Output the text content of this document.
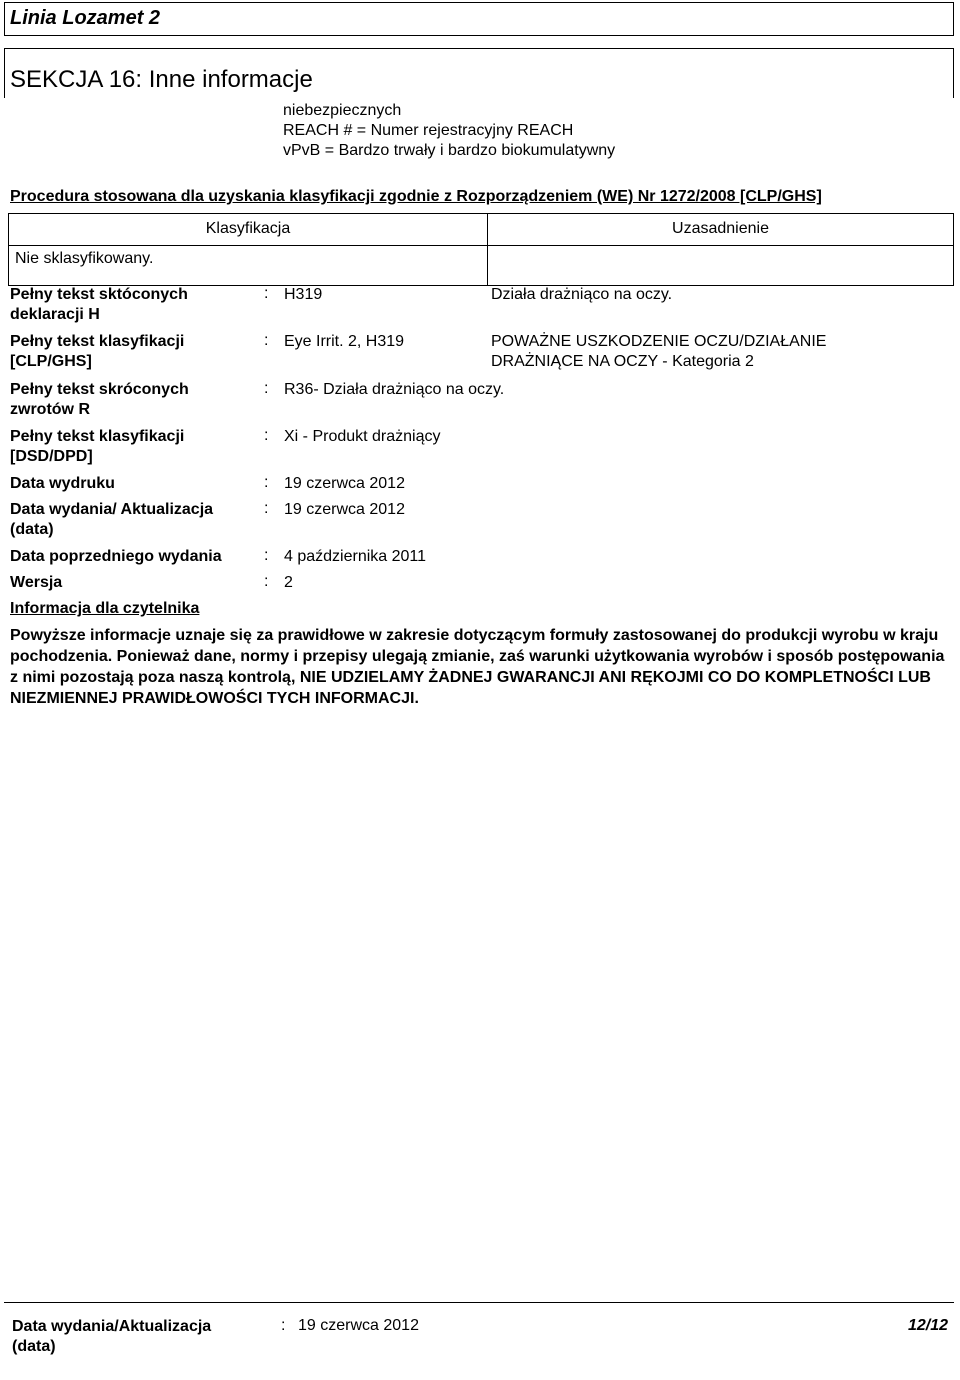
Linia Lozamet 2
SEKCJA 16: Inne informacje
niebezpiecznych
REACH # = Numer rejestracyjny REACH
vPvB = Bardzo trwały i bardzo biokumulatywny
Procedura stosowana dla uzyskania klasyfikacji zgodnie z Rozporządzeniem (WE) Nr 1272/2008 [CLP/GHS]
Klasyfikacja	Uzasadnienie
Nie sklasyfikowany.	
Pełny tekst sktóconych deklaracji H
: H319	Działa drażniąco na oczy.
Pełny tekst klasyfikacji [CLP/GHS]
: Eye Irrit. 2, H319	POWAŻNE USZKODZENIE OCZU/DZIAŁANIE DRAŻNIĄCE NA OCZY - Kategoria 2
Pełny tekst skróconych zwrotów R
: R36- Działa drażniąco na oczy.
Pełny tekst klasyfikacji [DSD/DPD]
: Xi - Produkt drażniący
Data wydruku	: 19 czerwca 2012
Data wydania/ Aktualizacja (data)
: 19 czerwca 2012
Data poprzedniego wydania	: 4 października 2011
Wersja	: 2
Informacja dla czytelnika
Powyższe informacje uznaje się za prawidłowe w zakresie dotyczącym formuły zastosowanej do produkcji wyrobu w kraju pochodzenia. Ponieważ dane, normy i przepisy ulegają zmianie, zaś warunki użytkowania wyrobów i sposób postępowania z nimi pozostają poza naszą kontrolą, NIE UDZIELAMY ŻADNEJ GWARANCJI ANI RĘKOJMI CO DO KOMPLETNOŚCI LUB NIEZMIENNEJ PRAWIDŁOWOŚCI TYCH INFORMACJI.
Data wydania/Aktualizacja
(data)
: 19 czerwca 2012	12/12
